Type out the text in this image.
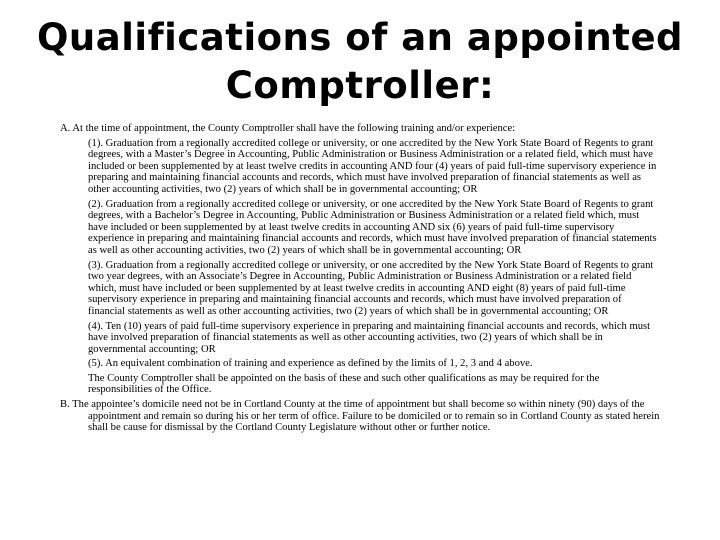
Qualifications of an appointed Comptroller:

A. At the time of appointment, the County Comptroller shall have the following training and/or experience:

(1). Graduation from a regionally accredited college or university, or one accredited by the New York State Board of Regents to grant degrees, with a Master’s Degree in Accounting, Public Administration or Business Administration or a related field, which must have included or been supplemented by at least twelve credits in accounting AND four (4) years of paid full-time supervisory experience in preparing and maintaining financial accounts and records, which must have involved preparation of financial statements as well as other accounting activities, two (2) years of which shall be in governmental accounting; OR

(2). Graduation from a regionally accredited college or university, or one accredited by the New York State Board of Regents to grant degrees, with a Bachelor’s Degree in Accounting, Public Administration or Business Administration or a related field which, must have included or been supplemented by at least twelve credits in accounting AND six (6) years of paid full-time supervisory experience in preparing and maintaining financial accounts and records, which must have involved preparation of financial statements as well as other accounting activities, two (2) years of which shall be in governmental accounting; OR

(3). Graduation from a regionally accredited college or university, or one accredited by the New York State Board of Regents to grant two year degrees, with an Associate’s Degree in Accounting, Public Administration or Business Administration or a related field which, must have included or been supplemented by at least twelve credits in accounting AND eight (8) years of paid full-time supervisory experience in preparing and maintaining financial accounts and records, which must have involved preparation of financial statements as well as other accounting activities, two (2) years of which shall be in governmental accounting; OR

(4). Ten (10) years of paid full-time supervisory experience in preparing and maintaining financial accounts and records, which must have involved preparation of financial statements as well as other accounting activities, two (2) years of which shall be in governmental accounting; OR

(5). An equivalent combination of training and experience as defined by the limits of 1, 2, 3 and 4 above.

The County Comptroller shall be appointed on the basis of these and such other qualifications as may be required for the responsibilities of the Office.

B. The appointee’s domicile need not be in Cortland County at the time of appointment but shall become so within ninety (90) days of the appointment and remain so during his or her term of office. Failure to be domiciled or to remain so in Cortland County as stated herein shall be cause for dismissal by the Cortland County Legislature without other or further notice.
